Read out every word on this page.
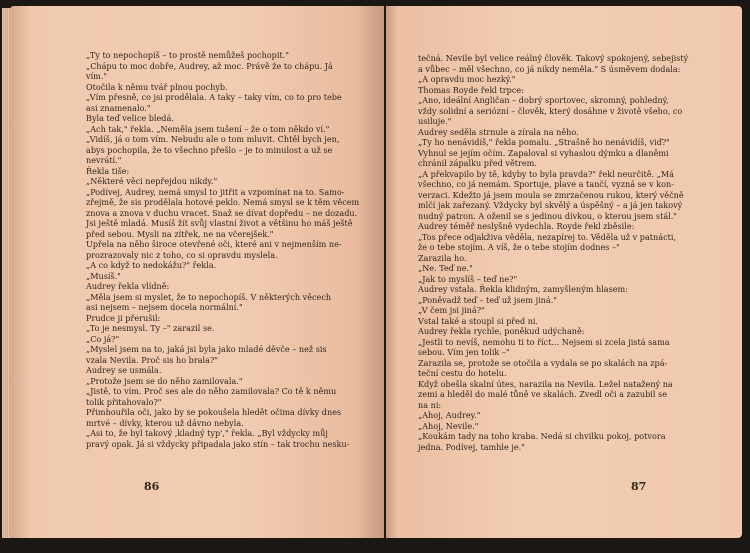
„Ty to nepochopíš – to prostě nemůžeš pochopit."

„Chápu to moc dobře, Audrey, až moc. Právě že to chápu. Já

vím."

Otočila k němu tvář plnou pochyb.

„Vím přesně, co jsi prodělala. A taky – taky vím, co to pro tebe

asi znamenalo."

Byla teď velice bledá.

„Ach tak," řekla. „Neměla jsem tušení – že o tom někdo ví."

„Vidíš, já o tom vím. Nebudu ale o tom mluvit. Chtěl bych jen,

abys pochopila, že to všechno přešlo – je to minulost a už se

nevrátí."

Řekla tiše:

„Některé věci nepřejdou nikdy."

„Podívej, Audrey, nemá smysl to jitřit a vzpomínat na to. Samo-

zřejmě, že sis prodělala hotové peklo. Nemá smysl se k těm věcem

znova a znova v duchu vracet. Snaž se dívat dopředu – ne dozadu.

Jsi ještě mladá. Musíš žít svůj vlastní život a většinu ho máš ještě

před sebou. Mysli na zítřek, ne na včerejšek."

Upřela na něho široce otevřené oči, které ani v nejmenším ne-

prozrazovaly nic z toho, co si opravdu myslela.

„A co když to nedokážu?" řekla.

„Musíš."

Audrey řekla vlídně:

„Měla jsem si myslet, že to nepochopíš. V některých věcech

asi nejsem – nejsem docela normální."

Prudce ji přerušil:

„To je nesmysl. Ty –" zarazil se.

„Co já?"

„Myslel jsem na to, jaká jsi byla jako mladé děvče – než sis

vzala Nevila. Proč sis ho brala?"

Audrey se usmála.

„Protože jsem se do něho zamilovala."

„Jistě, to vím. Proč ses ale do něho zamilovala? Co tě k němu

tolik přitahovalo?"

Přimhouřila oči, jako by se pokoušela hledět očima dívky dnes

mrtvé – dívky, kterou už dávno nebyla.

„Asi to, že byl takový ‚kladný typ'," řekla. „Byl vždycky můj

pravý opak. Já si vždycky připadala jako stín – tak trochu nesku-

86

tečná. Nevile byl velice reálný člověk. Takový spokojený, sebejistý

a vůbec – měl všechno, co já nikdy neměla." S úsměvem dodala:

„A opravdu moc hezký."

Thomas Royde řekl trpce:

„Ano, ideální Angličan – dobrý sportovec, skromný, pohledný,

vždy solidní a seriózní – člověk, který dosáhne v životě všeho, co

usiluje."

Audrey seděla strnule a zírala na něho.

„Ty ho nenávidíš," řekla pomalu. „Strašně ho nenávidíš, viď?"

Vyhnul se jejím očím. Zapaloval si vyhaslou dýmku a dlaněmi

chránil zápalku před větrem.

„A překvapilo by tě, kdyby to byla pravda?" řekl neurčitě. „Má

všechno, co já nemám. Sportuje, plave a tančí, vyzná se v kon-

verzaci. Kdežto já jsem moula se zmrzačenou rukou, který věčně

mlčí jak zařezaný. Vždycky byl skvělý a úspěšný – a já jen takový

nudný patron. A oženil se s jedinou dívkou, o kterou jsem stál."

Audrey téměř neslyšně vydechla. Royde řekl zběsile:

„Tos přece odjakživa věděla, nezapírej to. Věděla už v patnácti,

že o tebe stojím. A víš, že o tebe stojím dodnes –"

Zarazila ho.

„Ne. Teď ne."

„Jak to myslíš – teď ne?"

Audrey vstala. Řekla klidným, zamyšleným hlasem:

„Poněvadž teď – teď už jsem jiná."

„V čem jsi jiná?"

Vstal také a stoupl si před ni.

Audrey řekla rychle, poněkud udýchaně:

„Jestli to nevíš, nemohu ti to říct... Nejsem si zcela jistá sama

sebou. Vím jen tolik –"

Zarazila se, protože se otočila a vydala se po skalách na zpá-

teční cestu do hotelu.

Když obešla skalní útes, narazila na Nevila. Ležel natažený na

zemi a hleděl do malé tůně ve skalách. Zvedl oči a zazubil se

na ni:

„Ahoj, Audrey."

„Ahoj, Nevile."

„Koukám tady na toho kraba. Nedá si chvilku pokoj, potvora

jedna. Podívej, tamhle je."

87
